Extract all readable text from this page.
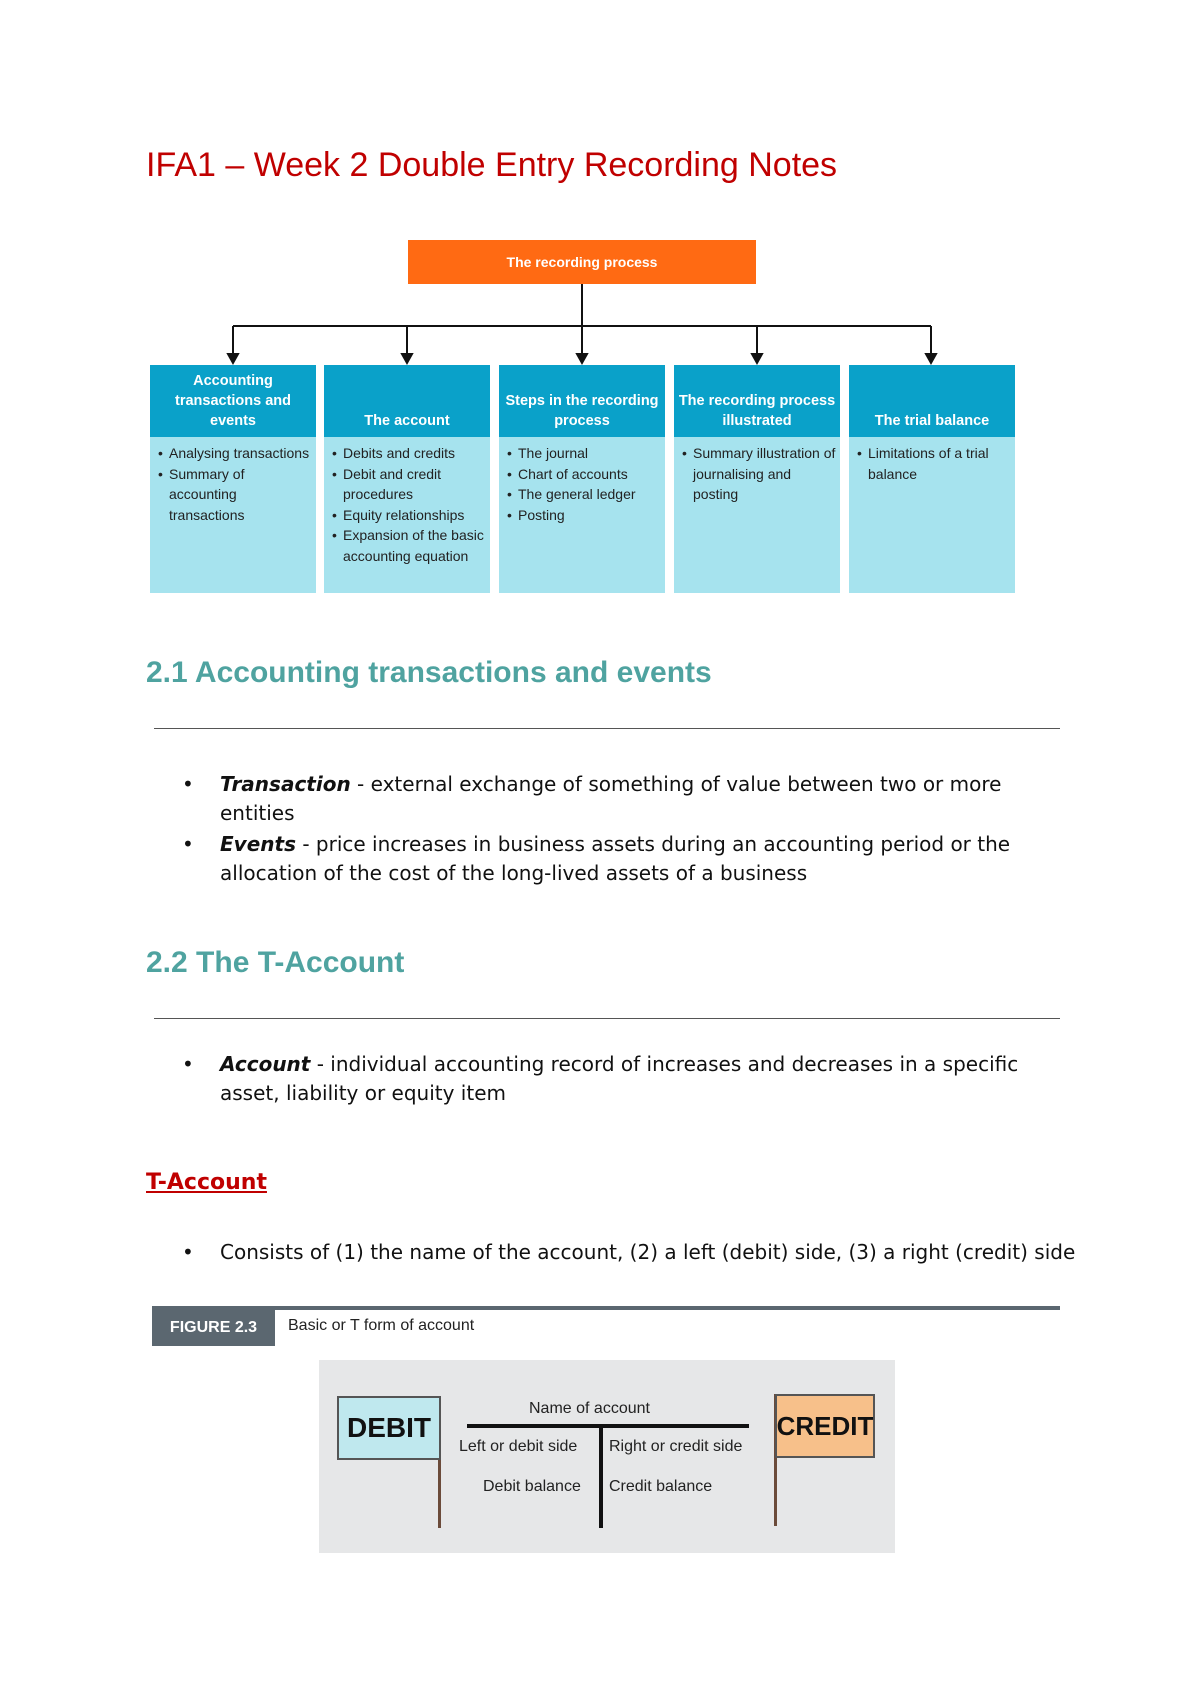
IFA1 – Week 2 Double Entry Recording Notes
The recording process
Accounting transactions and events
• Analysing transactions
• Summary of accounting transactions
The account
• Debits and credits
• Debit and credit procedures
• Equity relationships
• Expansion of the basic accounting equation
Steps in the recording process
• The journal
• Chart of accounts
• The general ledger
• Posting
The recording process illustrated
• Summary illustration of journalising and posting
The trial balance
• Limitations of a trial balance
2.1 Accounting transactions and events
• Transaction - external exchange of something of value between two or more entities
• Events - price increases in business assets during an accounting period or the allocation of the cost of the long-lived assets of a business
2.2 The T-Account
• Account - individual accounting record of increases and decreases in a specific asset, liability or equity item
T-Account
• Consists of (1) the name of the account, (2) a left (debit) side, (3) a right (credit) side
FIGURE 2.3	Basic or T form of account
DEBIT	CREDIT
Name of account
Left or debit side Right or credit side
Debit balance Credit balance
